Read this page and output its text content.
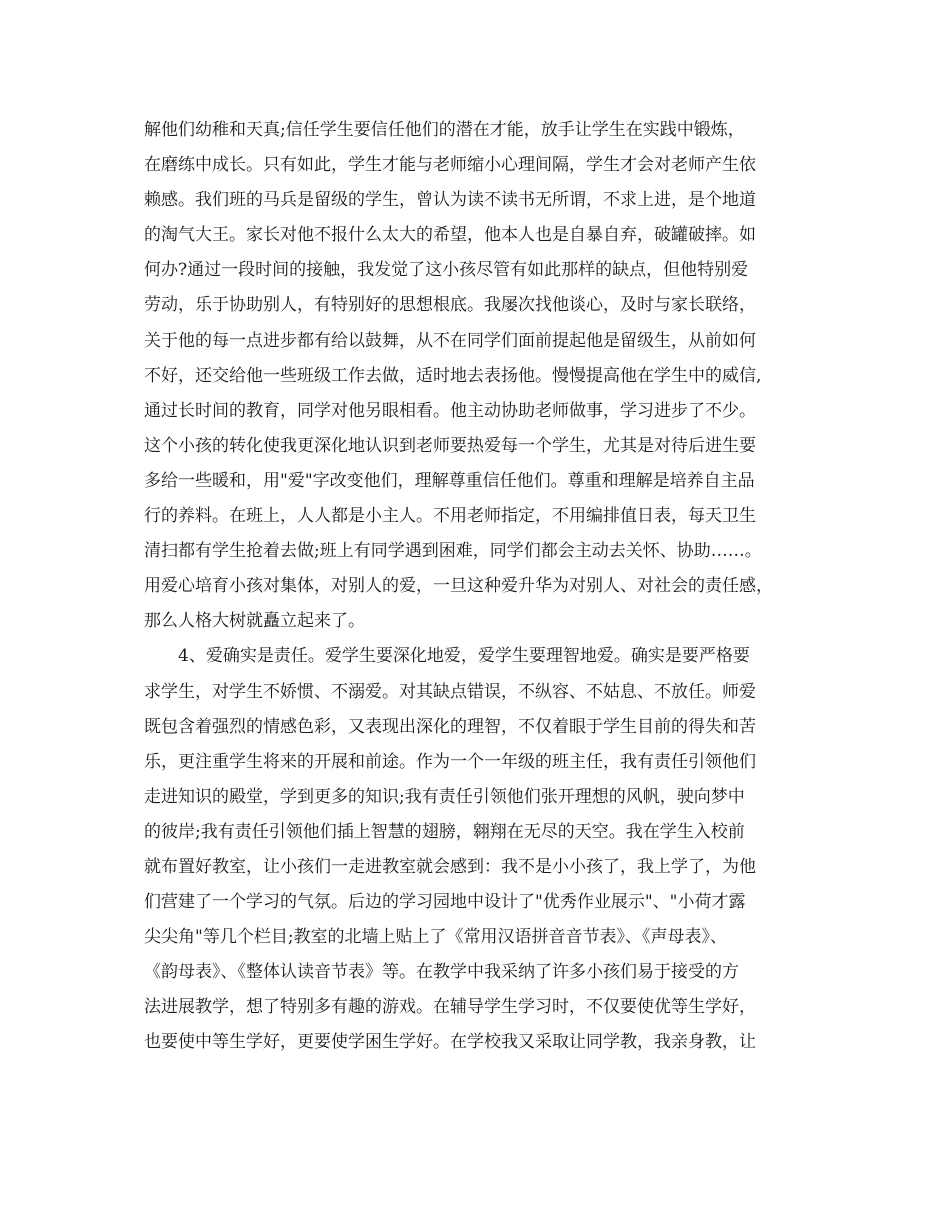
解他们幼稚和天真;信任学生要信任他们的潜在才能，放手让学生在实践中锻炼，
在磨练中成长。只有如此，学生才能与老师缩小心理间隔，学生才会对老师产生依
赖感。我们班的马兵是留级的学生，曾认为读不读书无所谓，不求上进，是个地道
的淘气大王。家长对他不报什么太大的希望，他本人也是自暴自弃，破罐破摔。如
何办?通过一段时间的接触，我发觉了这小孩尽管有如此那样的缺点，但他特别爱
劳动，乐于协助别人，有特别好的思想根底。我屡次找他谈心，及时与家长联络，
关于他的每一点进步都有给以鼓舞，从不在同学们面前提起他是留级生，从前如何
不好，还交给他一些班级工作去做，适时地去表扬他。慢慢提高他在学生中的威信,
通过长时间的教育，同学对他另眼相看。他主动协助老师做事，学习进步了不少。
这个小孩的转化使我更深化地认识到老师要热爱每一个学生，尤其是对待后进生要
多给一些暖和，用"爱"字改变他们，理解尊重信任他们。尊重和理解是培养自主品
行的养料。在班上，人人都是小主人。不用老师指定，不用编排值日表，每天卫生
清扫都有学生抢着去做;班上有同学遇到困难，同学们都会主动去关怀、协助……。
用爱心培育小孩对集体，对别人的爱，一旦这种爱升华为对别人、对社会的责任感，
那么人格大树就矗立起来了。
　　4、爱确实是责任。爱学生要深化地爱，爱学生要理智地爱。确实是要严格要
求学生，对学生不娇惯、不溺爱。对其缺点错误，不纵容、不姑息、不放任。师爱
既包含着强烈的情感色彩，又表现出深化的理智，不仅着眼于学生目前的得失和苦
乐，更注重学生将来的开展和前途。作为一个一年级的班主任，我有责任引领他们
走进知识的殿堂，学到更多的知识;我有责任引领他们张开理想的风帆，驶向梦中
的彼岸;我有责任引领他们插上智慧的翅膀，翱翔在无尽的天空。我在学生入校前
就布置好教室，让小孩们一走进教室就会感到：我不是小小孩了，我上学了，为他
们营建了一个学习的气氛。后边的学习园地中设计了"优秀作业展示"、"小荷才露
尖尖角"等几个栏目;教室的北墙上贴上了《常用汉语拼音音节表》、《声母表》、
《韵母表》、《整体认读音节表》等。在教学中我采纳了许多小孩们易于接受的方
法进展教学，想了特别多有趣的游戏。在辅导学生学习时，不仅要使优等生学好，
也要使中等生学好，更要使学困生学好。在学校我又采取让同学教，我亲身教，让
